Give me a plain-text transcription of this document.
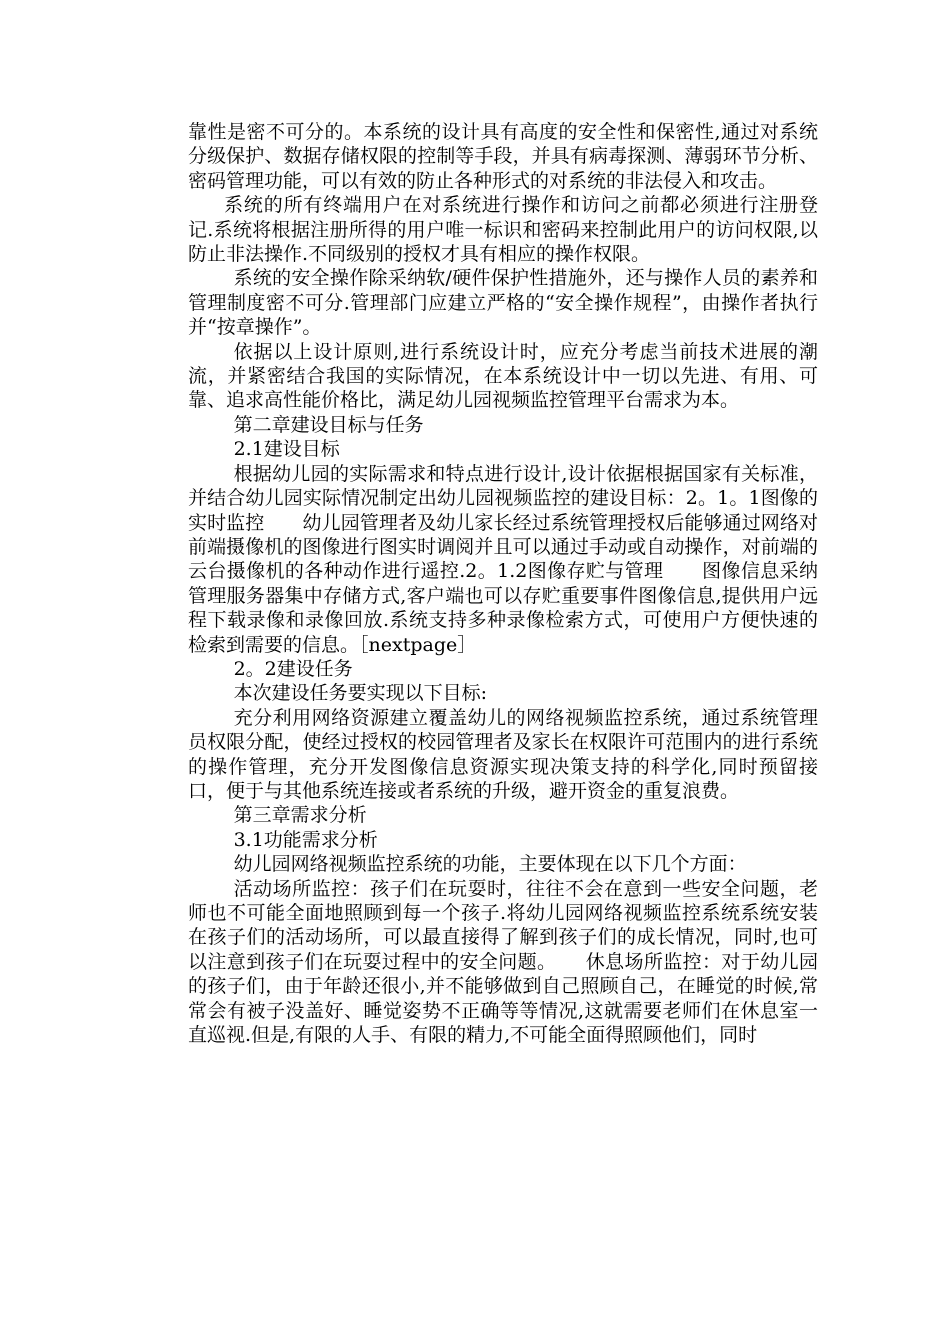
靠性是密不可分的。本系统的设计具有高度的安全性和保密性,通过对系统分级保护、数据存储权限的控制等手段，并具有病毒探测、薄弱环节分析、密码管理功能，可以有效的防止各种形式的对系统的非法侵入和攻击。

系统的所有终端用户在对系统进行操作和访问之前都必须进行注册登记.系统将根据注册所得的用户唯一标识和密码来控制此用户的访问权限,以防止非法操作.不同级别的授权才具有相应的操作权限。

系统的安全操作除采纳软/硬件保护性措施外，还与操作人员的素养和管理制度密不可分.管理部门应建立严格的“安全操作规程”，由操作者执行并“按章操作”。

依据以上设计原则,进行系统设计时，应充分考虑当前技术进展的潮流，并紧密结合我国的实际情况，在本系统设计中一切以先进、有用、可靠、追求高性能价格比，满足幼儿园视频监控管理平台需求为本。

第二章建设目标与任务

2.1建设目标

根据幼儿园的实际需求和特点进行设计,设计依据根据国家有关标准，并结合幼儿园实际情况制定出幼儿园视频监控的建设目标：2。1。1图像的实时监控　　幼儿园管理者及幼儿家长经过系统管理授权后能够通过网络对前端摄像机的图像进行图实时调阅并且可以通过手动或自动操作，对前端的云台摄像机的各种动作进行遥控.2。1.2图像存贮与管理　　图像信息采纳管理服务器集中存储方式,客户端也可以存贮重要事件图像信息,提供用户远程下载录像和录像回放.系统支持多种录像检索方式，可使用户方便快速的检索到需要的信息。［nextpage］

2。2建设任务

本次建设任务要实现以下目标:

充分利用网络资源建立覆盖幼儿的网络视频监控系统，通过系统管理员权限分配，使经过授权的校园管理者及家长在权限许可范围内的进行系统的操作管理，充分开发图像信息资源实现决策支持的科学化,同时预留接口，便于与其他系统连接或者系统的升级，避开资金的重复浪费。

第三章需求分析

3.1功能需求分析

幼儿园网络视频监控系统的功能，主要体现在以下几个方面：

活动场所监控：孩子们在玩耍时，往往不会在意到一些安全问题，老师也不可能全面地照顾到每一个孩子.将幼儿园网络视频监控系统系统安装在孩子们的活动场所，可以最直接得了解到孩子们的成长情况，同时,也可以注意到孩子们在玩耍过程中的安全问题。　　休息场所监控：对于幼儿园的孩子们，由于年龄还很小,并不能够做到自己照顾自己，在睡觉的时候,常常会有被子没盖好、睡觉姿势不正确等等情况,这就需要老师们在休息室一直巡视.但是,有限的人手、有限的精力,不可能全面得照顾他们，同时
